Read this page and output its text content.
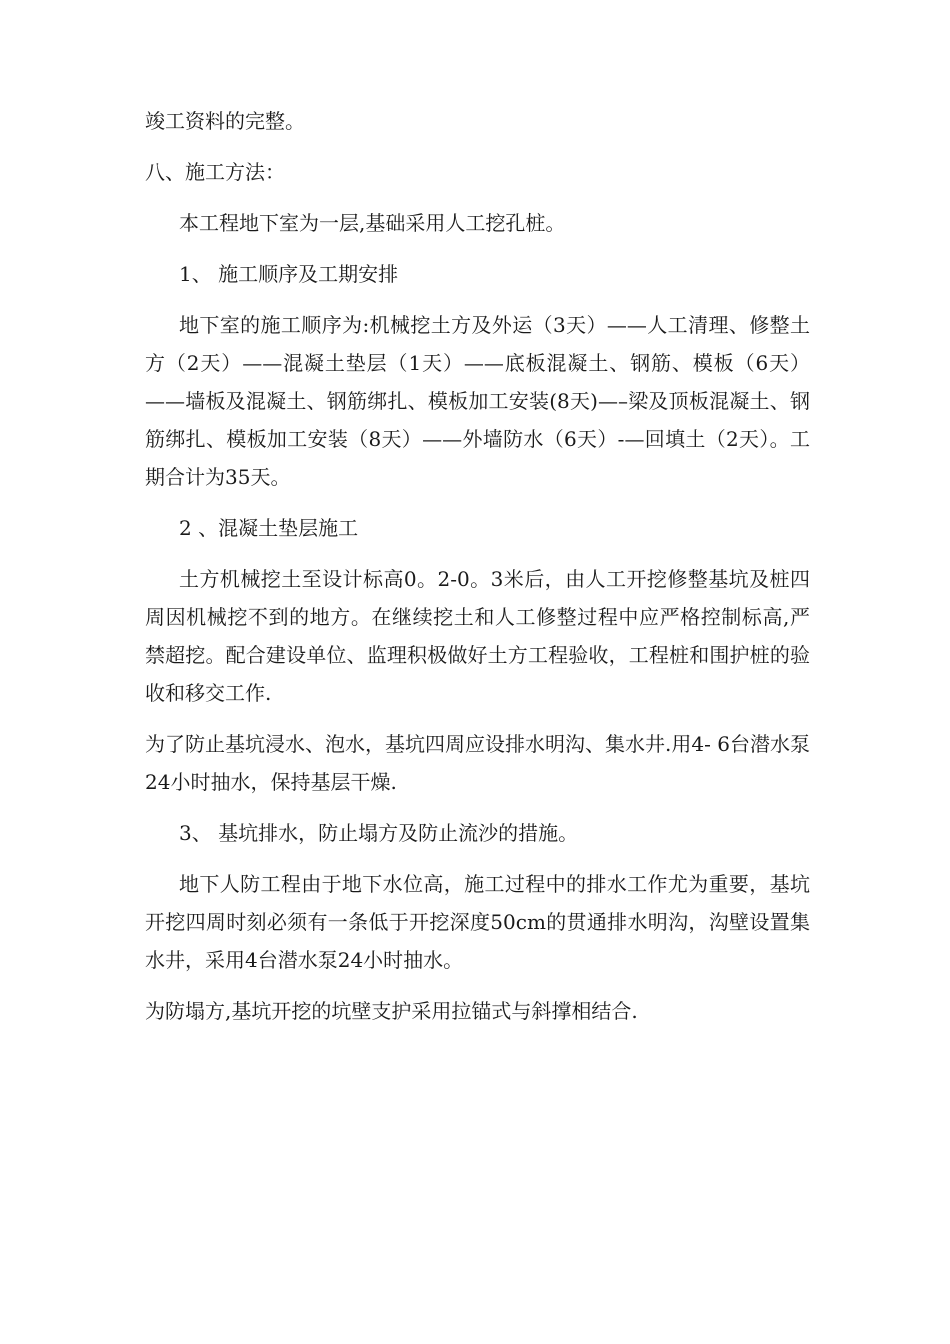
竣工资料的完整。

八、施工方法：

本工程地下室为一层,基础采用人工挖孔桩。

1、 施工顺序及工期安排

地下室的施工顺序为:机械挖土方及外运（3天）——人工清理、修整土方（2天）——混凝土垫层（1天）——底板混凝土、钢筋、模板（6天）——墙板及混凝土、钢筋绑扎、模板加工安装(8天)—–梁及顶板混凝土、钢筋绑扎、模板加工安装（8天）——外墙防水（6天）-—回填土（2天）。工期合计为35天。

2 、混凝土垫层施工

土方机械挖土至设计标高0。2-0。3米后，由人工开挖修整基坑及桩四周因机械挖不到的地方。在继续挖土和人工修整过程中应严格控制标高,严禁超挖。配合建设单位、监理积极做好土方工程验收，工程桩和围护桩的验收和移交工作.

为了防止基坑浸水、泡水，基坑四周应设排水明沟、集水井.用4- 6台潜水泵24小时抽水，保持基层干燥.

3、 基坑排水，防止塌方及防止流沙的措施。

地下人防工程由于地下水位高，施工过程中的排水工作尤为重要，基坑开挖四周时刻必须有一条低于开挖深度50cm的贯通排水明沟，沟壁设置集水井，采用4台潜水泵24小时抽水。

为防塌方,基坑开挖的坑壁支护采用拉锚式与斜撑相结合.
